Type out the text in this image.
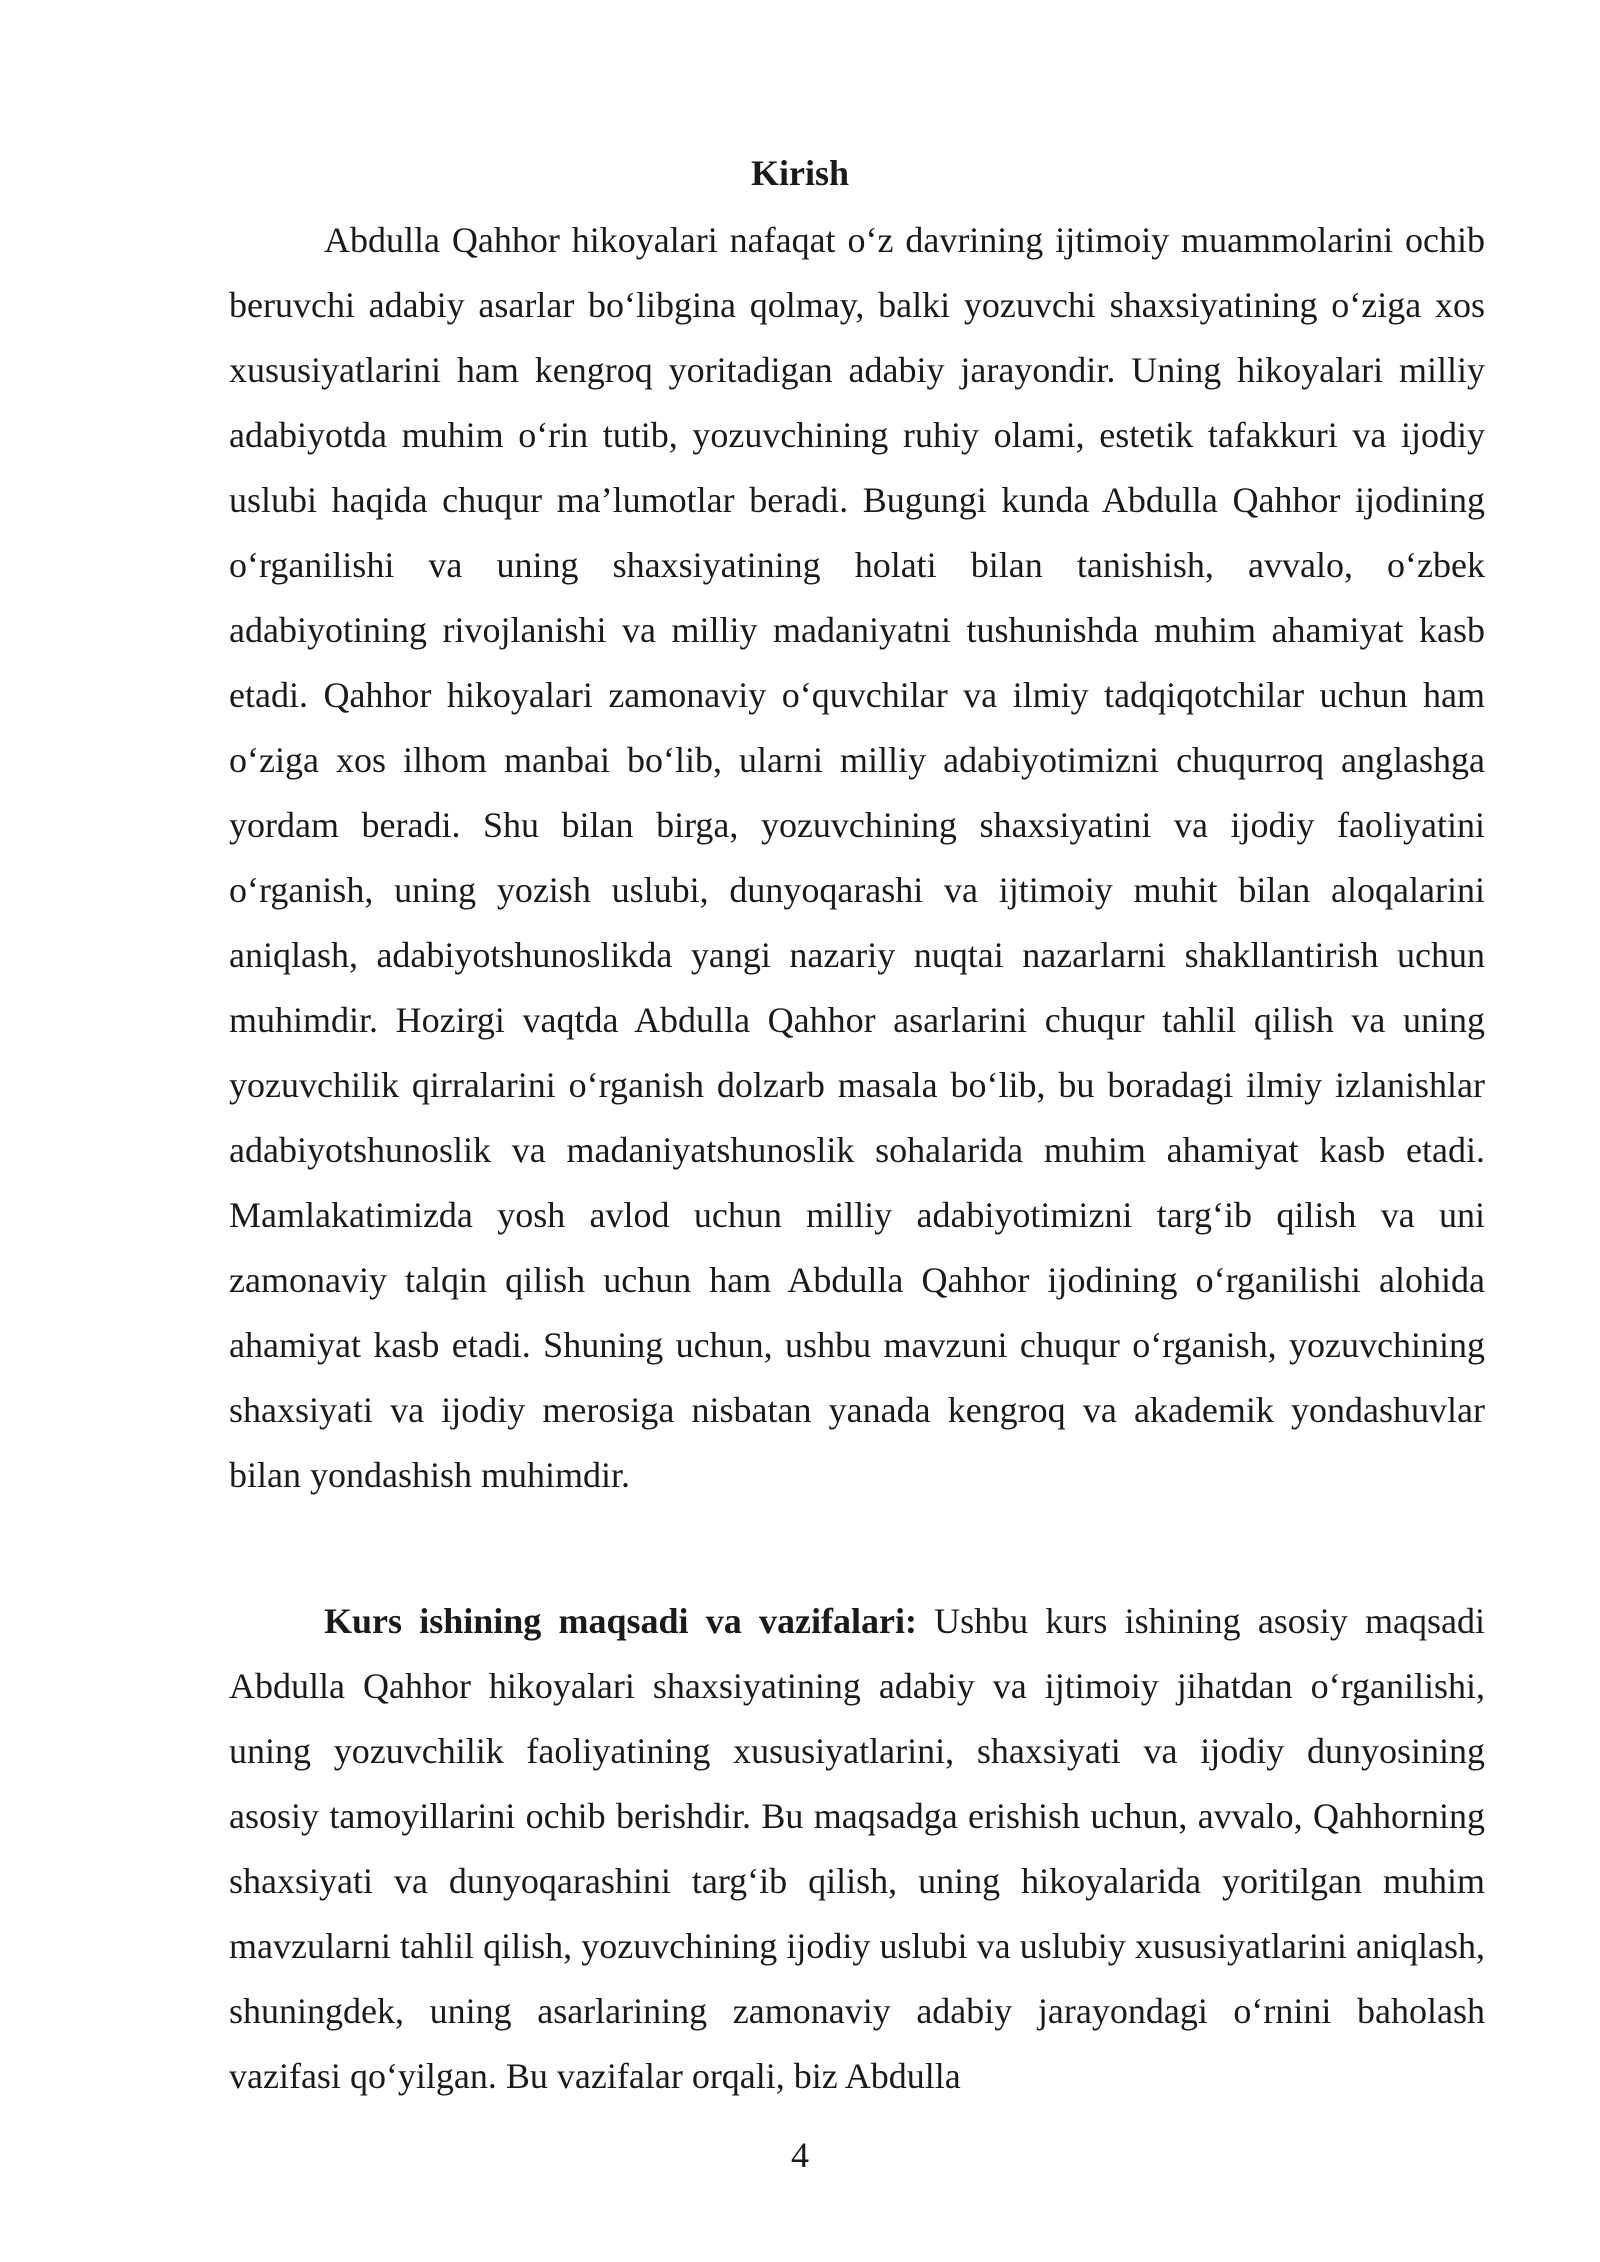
Kirish

Abdulla Qahhor hikoyalari nafaqat o‘z davrining ijtimoiy muammolarini ochib beruvchi adabiy asarlar bo‘libgina qolmay, balki yozuvchi shaxsiyatining o‘ziga xos xususiyatlarini ham kengroq yoritadigan adabiy jarayondir. Uning hikoyalari milliy adabiyotda muhim o‘rin tutib, yozuvchining ruhiy olami, estetik tafakkuri va ijodiy uslubi haqida chuqur ma’lumotlar beradi. Bugungi kunda Abdulla Qahhor ijodining o‘rganilishi va uning shaxsiyatining holati bilan tanishish, avvalo, o‘zbek adabiyotining rivojlanishi va milliy madaniyatni tushunishda muhim ahamiyat kasb etadi. Qahhor hikoyalari zamonaviy o‘quvchilar va ilmiy tadqiqotchilar uchun ham o‘ziga xos ilhom manbai bo‘lib, ularni milliy adabiyotimizni chuqurroq anglashga yordam beradi. Shu bilan birga, yozuvchining shaxsiyatini va ijodiy faoliyatini o‘rganish, uning yozish uslubi, dunyoqarashi va ijtimoiy muhit bilan aloqalarini aniqlash, adabiyotshunoslikda yangi nazariy nuqtai nazarlarni shakllantirish uchun muhimdir. Hozirgi vaqtda Abdulla Qahhor asarlarini chuqur tahlil qilish va uning yozuvchilik qirralarini o‘rganish dolzarb masala bo‘lib, bu boradagi ilmiy izlanishlar adabiyotshunoslik va madaniyatshunoslik sohalarida muhim ahamiyat kasb etadi. Mamlakatimizda yosh avlod uchun milliy adabiyotimizni targ‘ib qilish va uni zamonaviy talqin qilish uchun ham Abdulla Qahhor ijodining o‘rganilishi alohida ahamiyat kasb etadi. Shuning uchun, ushbu mavzuni chuqur o‘rganish, yozuvchining shaxsiyati va ijodiy merosiga nisbatan yanada kengroq va akademik yondashuvlar bilan yondashish muhimdir.

Kurs ishining maqsadi va vazifalari: Ushbu kurs ishining asosiy maqsadi Abdulla Qahhor hikoyalari shaxsiyatining adabiy va ijtimoiy jihatdan o‘rganilishi, uning yozuvchilik faoliyatining xususiyatlarini, shaxsiyati va ijodiy dunyosining asosiy tamoyillarini ochib berishdir. Bu maqsadga erishish uchun, avvalo, Qahhorning shaxsiyati va dunyoqarashini targ‘ib qilish, uning hikoyalarida yoritilgan muhim mavzularni tahlil qilish, yozuvchining ijodiy uslubi va uslubiy xususiyatlarini aniqlash, shuningdek, uning asarlarining zamonaviy adabiy jarayondagi o‘rnini baholash vazifasi qo‘yilgan. Bu vazifalar orqali, biz Abdulla

4
